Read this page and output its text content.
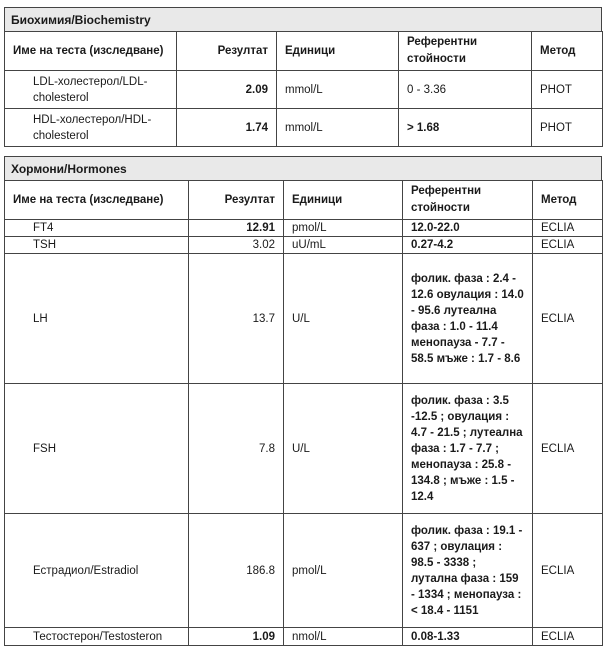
Биохимия/Biochemistry
Име на теста (изследване)	Резултат	Единици	Референтни стойности	Метод
LDL-холестерол/LDL-cholesterol	2.09	mmol/L	0 - 3.36	PHOT
HDL-холестерол/HDL-cholesterol	1.74	mmol/L	> 1.68	PHOT
Хормони/Hormones
Име на теста (изследване)	Резултат	Единици	Референтни стойности	Метод
FT4	12.91	pmol/L	12.0-22.0	ECLIA
TSH	3.02	uU/mL	0.27-4.2	ECLIA
LH	13.7	U/L	фолик. фаза : 2.4 - 12.6 овулация : 14.0 - 95.6 лутеална фаза : 1.0 - 11.4 менопауза - 7.7 - 58.5 мъже : 1.7 - 8.6	ECLIA
FSH	7.8	U/L	фолик. фаза : 3.5 -12.5 ; овулация : 4.7 - 21.5 ; лутеална фаза : 1.7 - 7.7 ; менопауза : 25.8 - 134.8 ; мъже : 1.5 - 12.4	ECLIA
Естрадиол/Estradiol	186.8	pmol/L	фолик. фаза : 19.1 - 637 ; овулация : 98.5 - 3338 ; лутална фаза : 159 - 1334 ; менопауза : < 18.4 - 1151	ECLIA
Тестостерон/Testosteron	1.09	nmol/L	0.08-1.33	ECLIA
